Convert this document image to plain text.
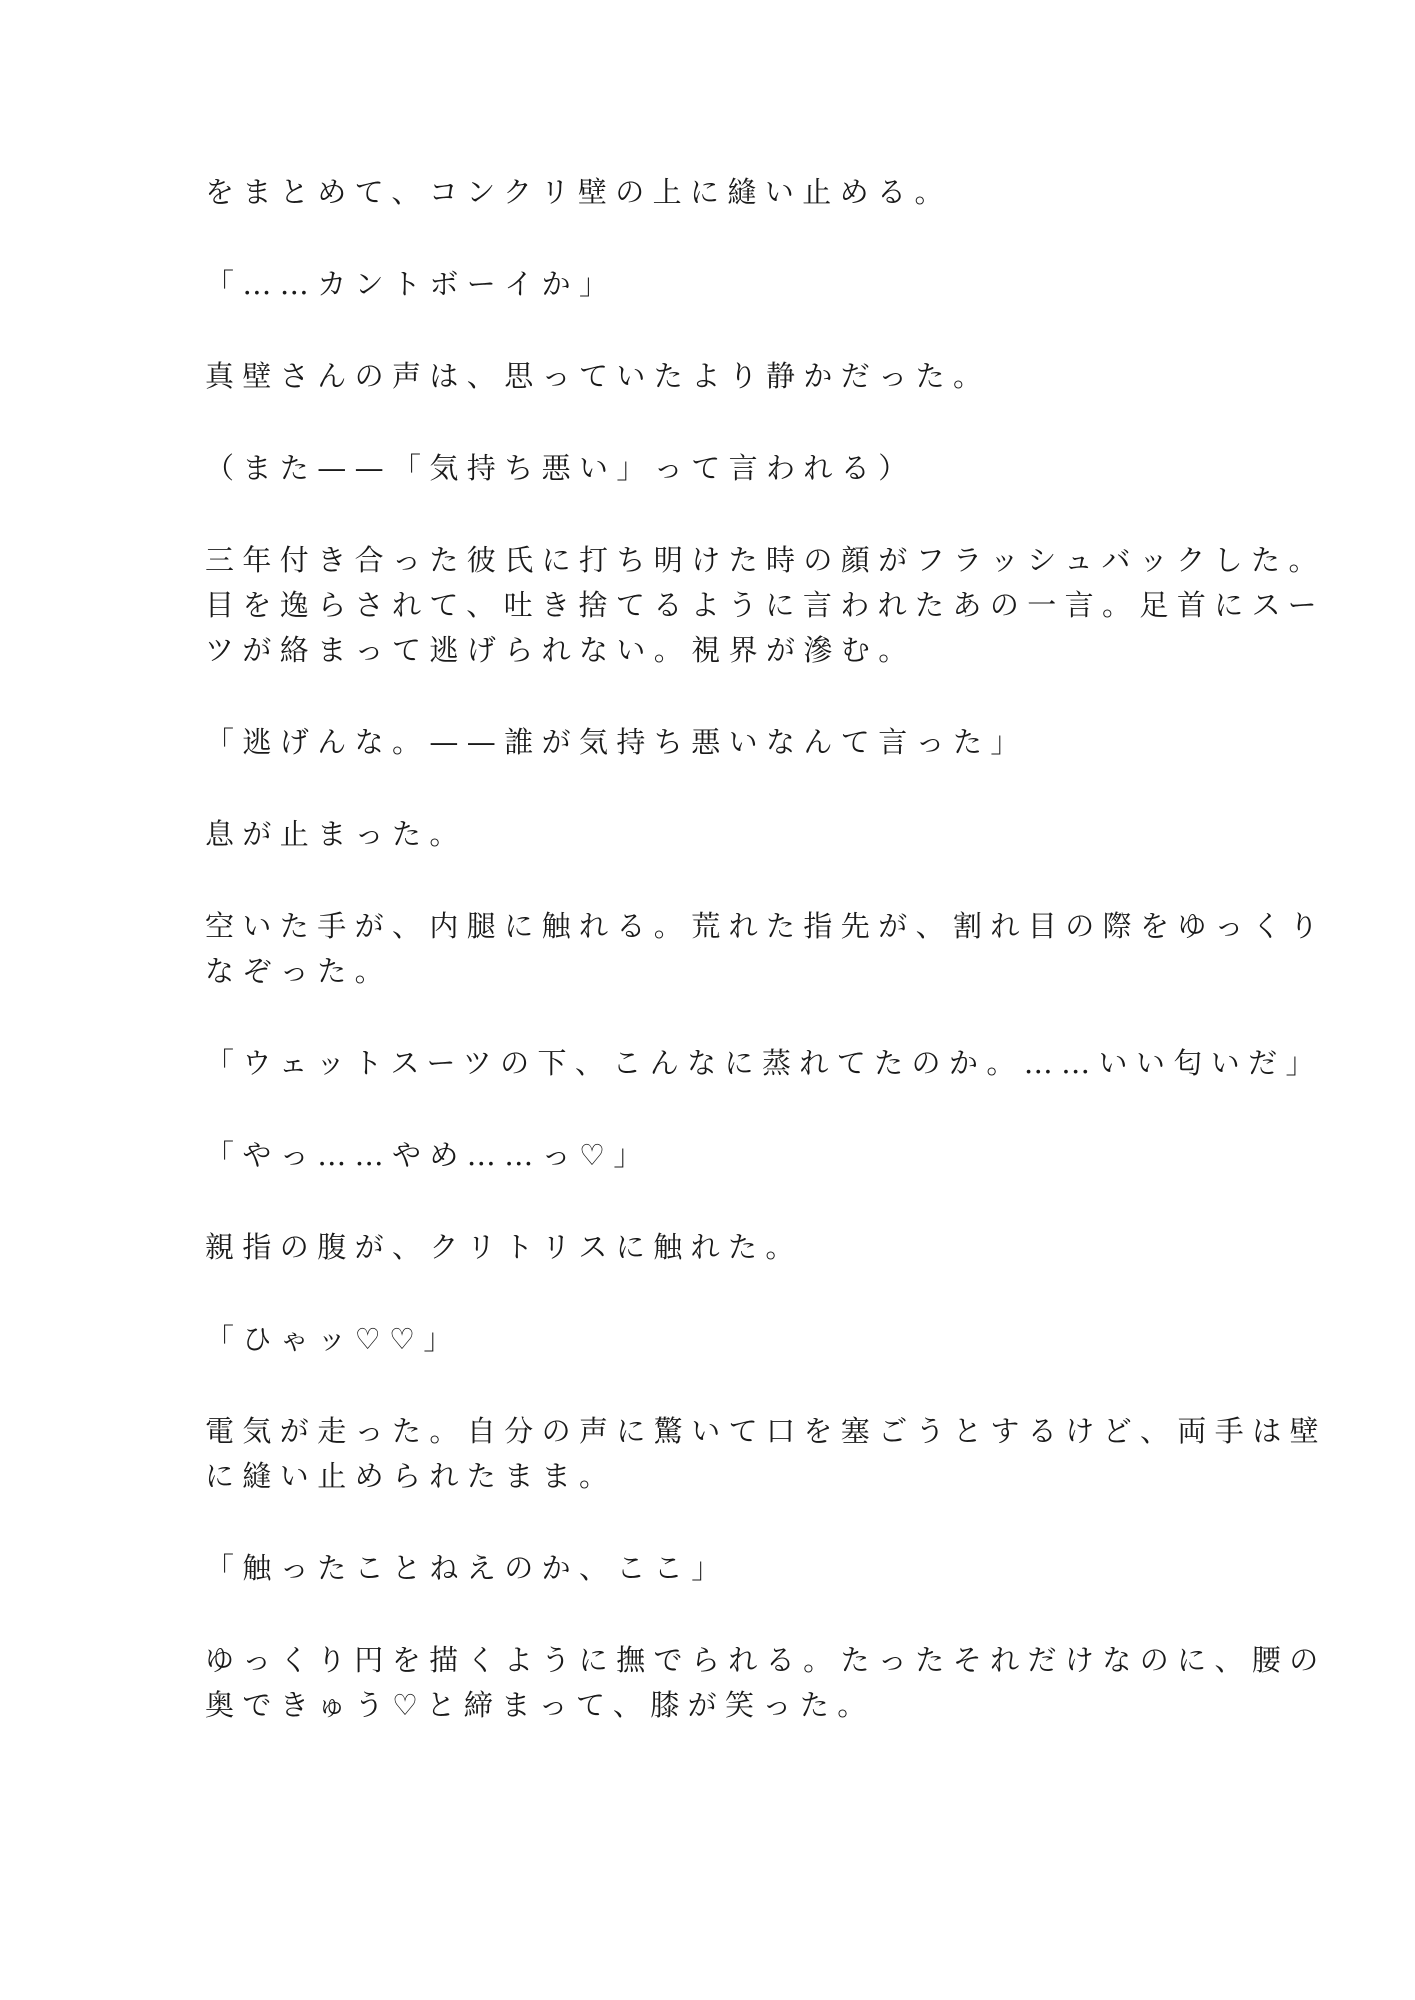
をまとめて、コンクリ壁の上に縫い止める。

「……カントボーイか」

真壁さんの声は、思っていたより静かだった。

（また——「気持ち悪い」って言われる）

三年付き合った彼氏に打ち明けた時の顔がフラッシュバックした。
目を逸らされて、吐き捨てるように言われたあの一言。足首にスー
ツが絡まって逃げられない。視界が滲む。

「逃げんな。——誰が気持ち悪いなんて言った」

息が止まった。

空いた手が、内腿に触れる。荒れた指先が、割れ目の際をゆっくり
なぞった。

「ウェットスーツの下、こんなに蒸れてたのか。……いい匂いだ」

「やっ……やめ……っ♡」

親指の腹が、クリトリスに触れた。

「ひゃッ♡♡」

電気が走った。自分の声に驚いて口を塞ごうとするけど、両手は壁
に縫い止められたまま。

「触ったことねえのか、ここ」

ゆっくり円を描くように撫でられる。たったそれだけなのに、腰の
奥できゅう♡と締まって、膝が笑った。
